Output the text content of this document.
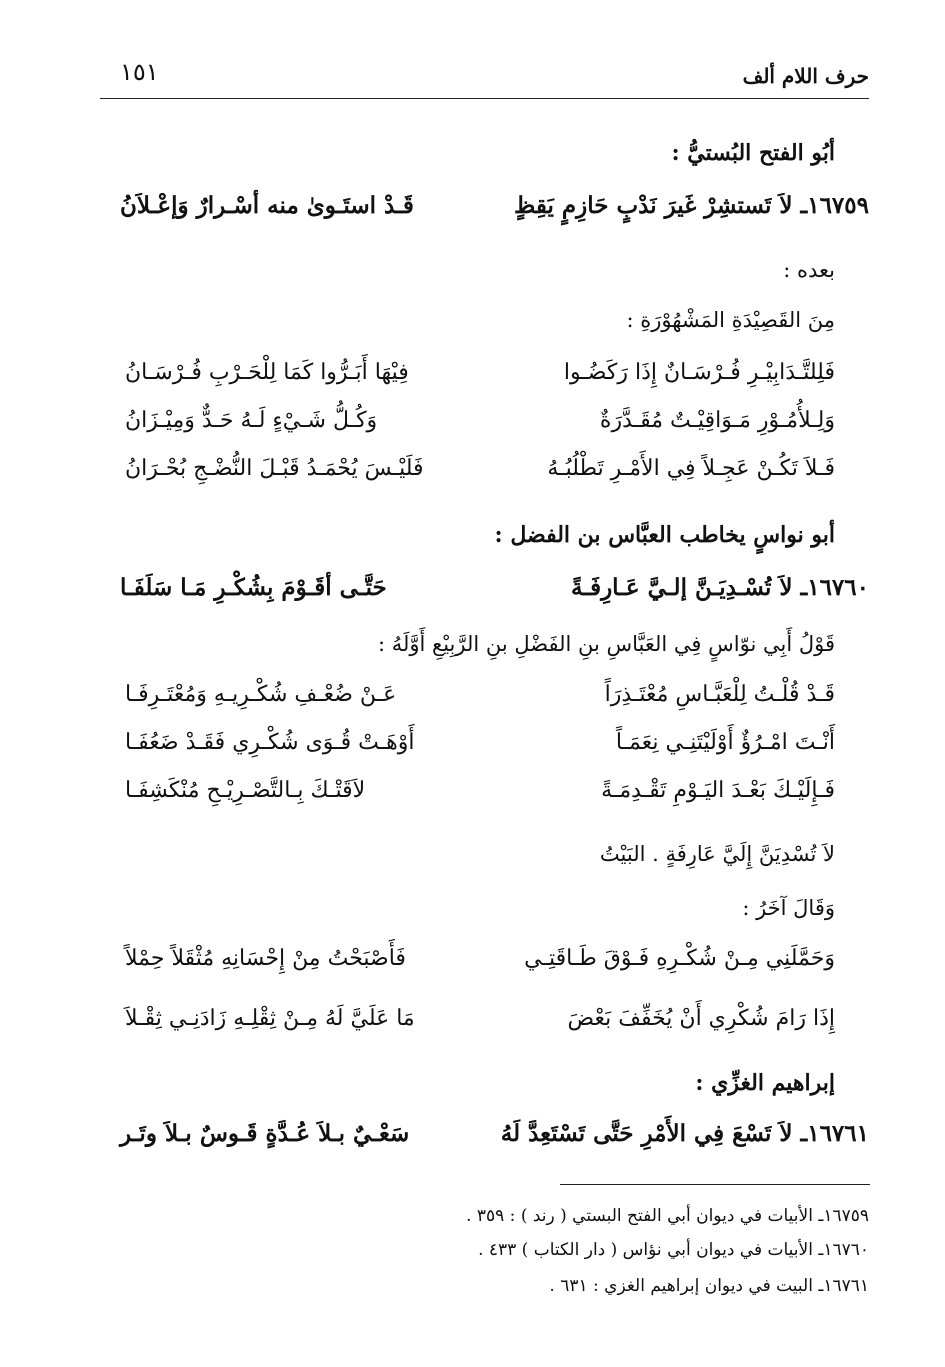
حرف اللام ألف
١٥١
أبُو الفتح البُستيُّ :
١٦٧٥٩ـ لاَ تَستشِرْ غَيرَ نَدْبٍ حَازِمٍ يَقِظٍ
قَـدْ استَـوىٰ منه أسْـرارٌ وَإعْـلاَنُ
بعده :
مِنَ القَصِيْدَةِ المَشْهُوْرَةِ :
فَلِلتَّـدَابِيْـرِ فُـرْسَـانٌ إِذَا رَكَضُـوا
فِيْهَا أَبَـرُّوا كَمَا لِلْحَـرْبِ فُـرْسَـانُ
وَلِـلأُمُـوْرِ مَـوَاقِيْـتٌ مُقَـدَّرَةٌ
وَكُـلُّ شَـيْءٍ لَـهُ حَـدٌّ وَمِيْـزَانُ
فَـلاَ تَكُـنْ عَجِـلاً فِي الأَمْـرِ تَطْلُبُـهُ
فَلَيْـسَ يُحْمَـدُ قَبْـلَ النُّضْـجِ بُحْـرَانُ
أبو نواسٍ يخاطب العبَّاس بن الفضل :
١٦٧٦٠ـ لاَ تُسْـدِيَـنَّ إلـيَّ عَـارِفَـةً
حَتَّـى أقَـوْمَ بِشُكْـرِ مَـا سَلَفَـا
قَوْلُ أَبِي نوّاسٍ فِي العَبَّاسِ بنِ الفَضْلِ بنِ الرَّبِيْعِ أَوَّلَهُ :
قَـدْ قُلْـتُ لِلْعَبَّـاسِ مُعْتَـذِرَاً
عَـنْ ضُعْـفِ شُكْـرِيـهِ وَمُعْتَـرِفَـا
أَنْـتَ امْـرُؤٌ أَوْلَيْتَنِـي نِعَمَـاً
أَوْهَـتْ قُـوَى شُكْـرِي فَقَـدْ ضَعُفَـا
فَـإِلَيْـكَ بَعْـدَ اليَـوْمِ تَقْـدِمَـةً
لاَقَتْـكَ بِـالتَّصْـرِيْـحِ مُنْكَشِفَـا
لاَ تُسْدِيَنَّ إِلَيَّ عَارِفَةٍ . البَيْتُ
وَقَالَ آخَرُ :
وَحَمَّلَنِي مِـنْ شُكْـرِهِ فَـوْقَ طَـاقَتِـي
فَأَصْبَحْتُ مِنْ إِحْسَانِهِ مُثْقَلاً حِمْلاً
إِذَا رَامَ شُكْرِي أَنْ يُخَفِّفَ بَعْضَ
مَا عَلَيَّ لَهُ مِـنْ ثِقْلِـهِ زَادَنِـي ثِقْـلاَ
إبراهيم الغزِّي :
١٦٧٦١ـ لاَ تَسْعَ فِي الأَمْرِ حَتَّى تَسْتَعِدَّ لَهُ
سَعْـيٌ بـلاَ عُـدَّةٍ قَـوسٌ بـلاَ وتَـر
١٦٧٥٩ـ الأبيات في ديوان أبي الفتح البستي ( رند ) : ٣٥٩ .
١٦٧٦٠ـ الأبيات في ديوان أبي نؤاس ( دار الكتاب ) ٤٣٣ .
١٦٧٦١ـ البيت في ديوان إبراهيم الغزي : ٦٣١ .
